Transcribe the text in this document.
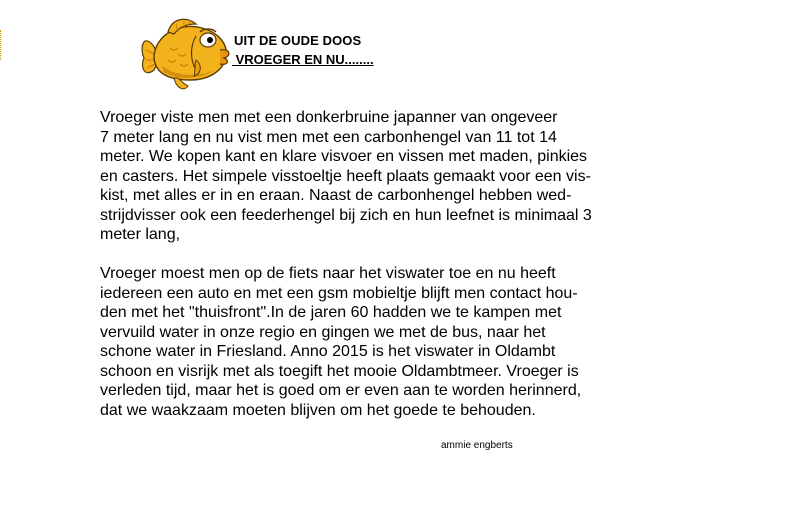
UIT DE OUDE DOOS
VROEGER EN NU........
Vroeger viste men met een donkerbruine japanner van ongeveer
7 meter lang en nu vist men met een carbonhengel van 11 tot 14
meter. We kopen kant en klare visvoer en vissen met maden, pinkies
en casters. Het simpele visstoeltje heeft plaats gemaakt voor een vis-
kist, met alles er in en eraan. Naast de carbonhengel hebben wed-
strijdvisser ook een feederhengel bij zich en hun leefnet is minimaal 3
meter lang,
Vroeger moest men op de fiets naar het viswater toe en nu heeft
iedereen een auto en met een gsm mobieltje blijft men contact hou-
den met het "thuisfront".In de jaren 60 hadden we te kampen met
vervuild water in onze regio en gingen we met de bus, naar het
schone water in Friesland. Anno 2015 is het viswater in Oldambt
schoon en visrijk met als toegift het mooie Oldambtmeer. Vroeger is
verleden tijd, maar het is goed om er even aan te worden herinnerd,
dat we waakzaam moeten blijven om het goede te behouden.
ammie engberts
